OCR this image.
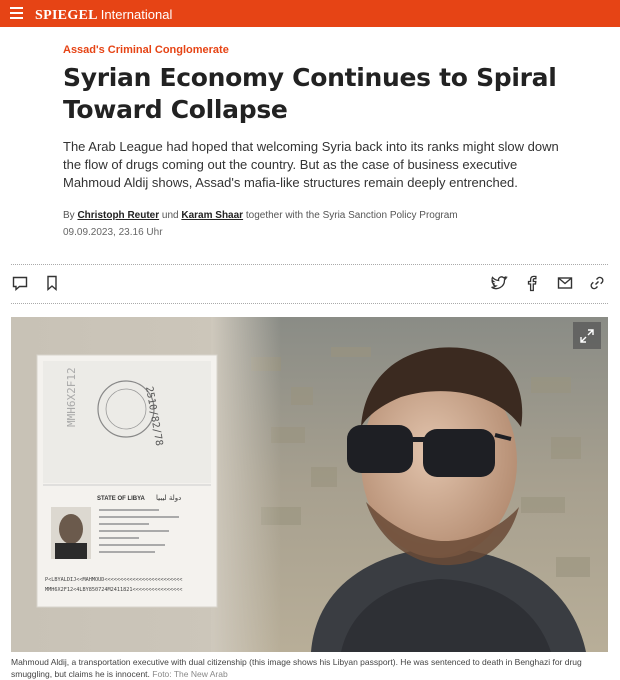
SPIEGEL International
Assad's Criminal Conglomerate
Syrian Economy Continues to Spiral Toward Collapse

The Arab League had hoped that welcoming Syria back into its ranks might slow down the flow of drugs coming out the country. But as the case of business executive Mahmoud Aldij shows, Assad's mafia-like structures remain deeply entrenched.

By Christoph Reuter und Karam Shaar together with the Syria Sanction Policy Program
09.09.2023, 23.16 Uhr
2510/82/78
MMH6X2F12
STATE OF LIBYA دولة ليبيا
P<LBYALDIJ<<MAHMOUD<<<<<<<<<<<<<<<<<<<<<<<<<
MMH6X2F12<4LBY850724M2411821<<<<<<<<<<<<<<<<
Mahmoud Aldij, a transportation executive with dual citizenship (this image shows his Libyan passport). He was sentenced to death in Benghazi for drug smuggling, but claims he is innocent. Foto: The New Arab
